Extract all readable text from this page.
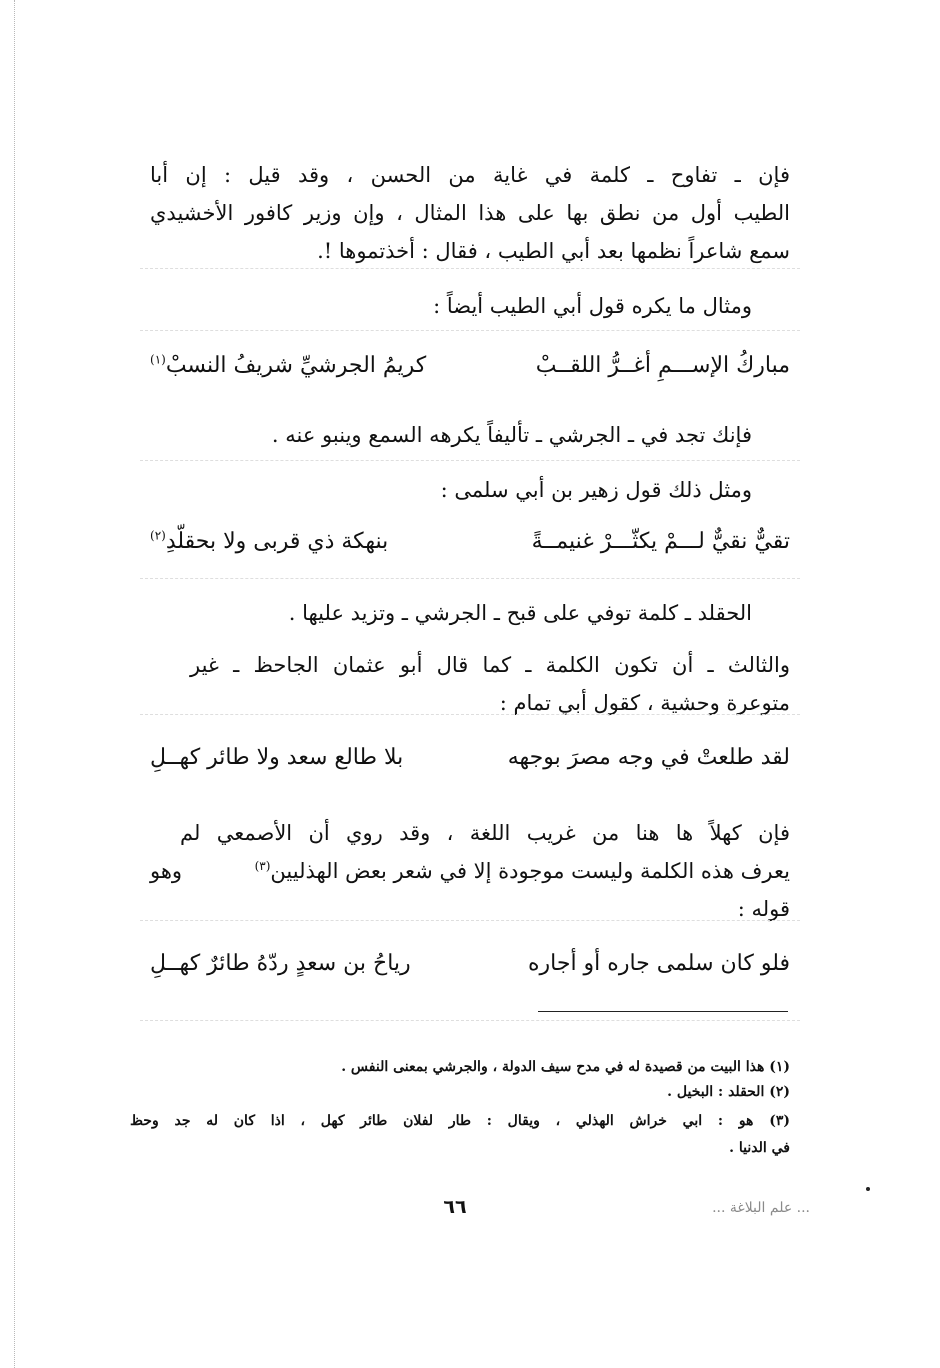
فإن ـ تفاوح ـ كلمة في غاية من الحسن ، وقد قيل : إن أبا
الطيب أول من نطق بها على هذا المثال ، وإن وزير كافور الأخشيدي
سمع شاعراً نظمها بعد أبي الطيب ، فقال : أخذتموها !.
ومثال ما يكره قول أبي الطيب أيضاً :
مباركُ الإســـمِ أغــرُّ اللقــبْ
كريمُ الجرشيِّ شريفُ النسبْ$^{(١)}$
فإنك تجد في ـ الجرشي ـ تأليفاً يكرهه السمع وينبو عنه .
ومثل ذلك قول زهير بن أبي سلمى :
تقيٌّ نقيٌّ لـــمْ يكثّـــرْ غنيمــةً
بنهكة ذي قربى ولا بحقلّدِ$^{(٢)}$
الحقلد ـ كلمة توفي على قبح ـ الجرشي ـ وتزيد عليها .
والثالث ـ أن تكون الكلمة ـ كما قال أبو عثمان الجاحظ ـ غير
متوعرة وحشية ، كقول أبي تمام :
لقد طلعتْ في وجه مصرَ بوجهه
بلا طالع سعد ولا طائر كهــلِ
فإن كهلاً ها هنا من غريب اللغة ، وقد روي أن الأصمعي لم
يعرف هذه الكلمة وليست موجودة إلا في شعر بعض الهذليين$^{(٣)}$
وهو
قوله :
فلو كان سلمى جاره أو أجاره
رياحُ بن سعدٍ ردّهُ طائرٌ كهــلِ
(١) هذا البيت من قصيدة له في مدح سيف الدولة ، والجرشي بمعنى النفس .
(٢) الحقلد : البخيل .
(٣) هو : ابي خراش الهذلي ، ويقال : طار لفلان طائر كهل ، اذا كان له جد وحظ
في الدنيا .
٦٦	... علم البلاغة ...
